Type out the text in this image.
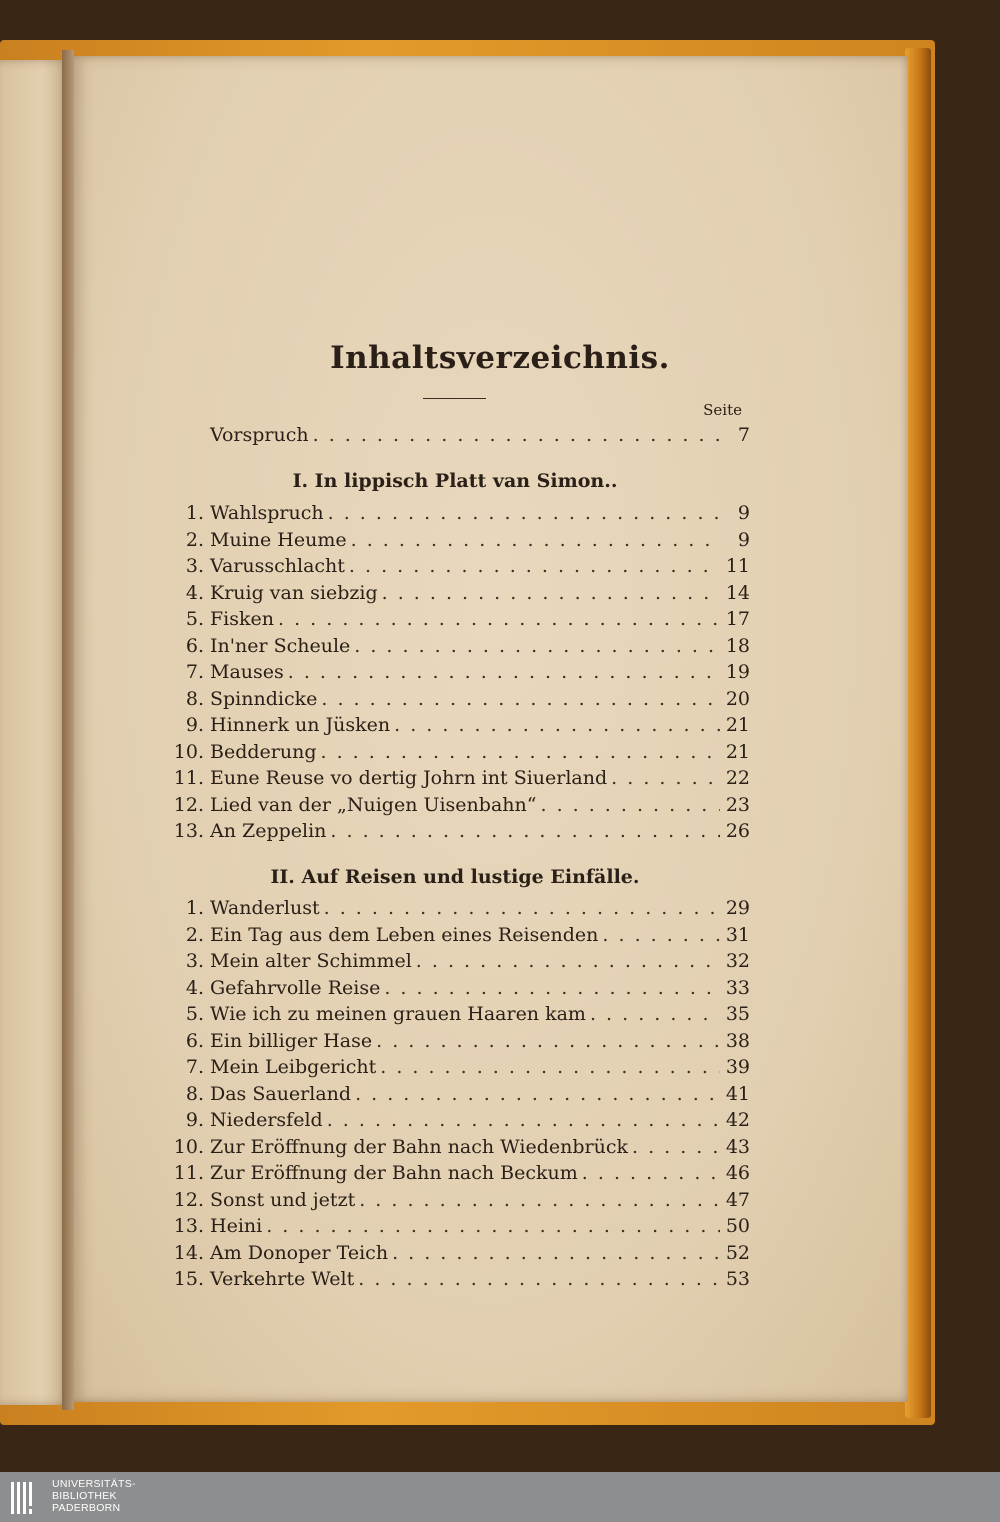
Inhaltsverzeichnis.
Seite
Vorspruch . . .	7
I. In lippisch Platt van Simon..
1. Wahlspruch . . .	9
2. Muine Heume . . .	9
3. Varusschlacht . . .	11
4. Kruig van siebzig . . .	14
5. Fisken . . .	17
6. In'ner Scheule . . .	18
7. Mauses . . .	19
8. Spinndicke . . .	20
9. Hinnerk un Jüsken . . .	21
10. Bedderung . . .	21
11. Eune Reuse vo dertig Johrn int Siuerland . . .	22
12. Lied van der „Nuigen Uisenbahn“ . . .	23
13. An Zeppelin . . .	26
II. Auf Reisen und lustige Einfälle.
1. Wanderlust . . .	29
2. Ein Tag aus dem Leben eines Reisenden . . .	31
3. Mein alter Schimmel . . .	32
4. Gefahrvolle Reise . . .	33
5. Wie ich zu meinen grauen Haaren kam . . .	35
6. Ein billiger Hase . . .	38
7. Mein Leibgericht . . .	39
8. Das Sauerland . . .	41
9. Niedersfeld . . .	42
10. Zur Eröffnung der Bahn nach Wiedenbrück . . .	43
11. Zur Eröffnung der Bahn nach Beckum . . .	46
12. Sonst und jetzt . . .	47
13. Heini . . .	50
14. Am Donoper Teich . . .	52
15. Verkehrte Welt . . .	53
UNIVERSITÄTS-
BIBLIOTHEK
PADERBORN
